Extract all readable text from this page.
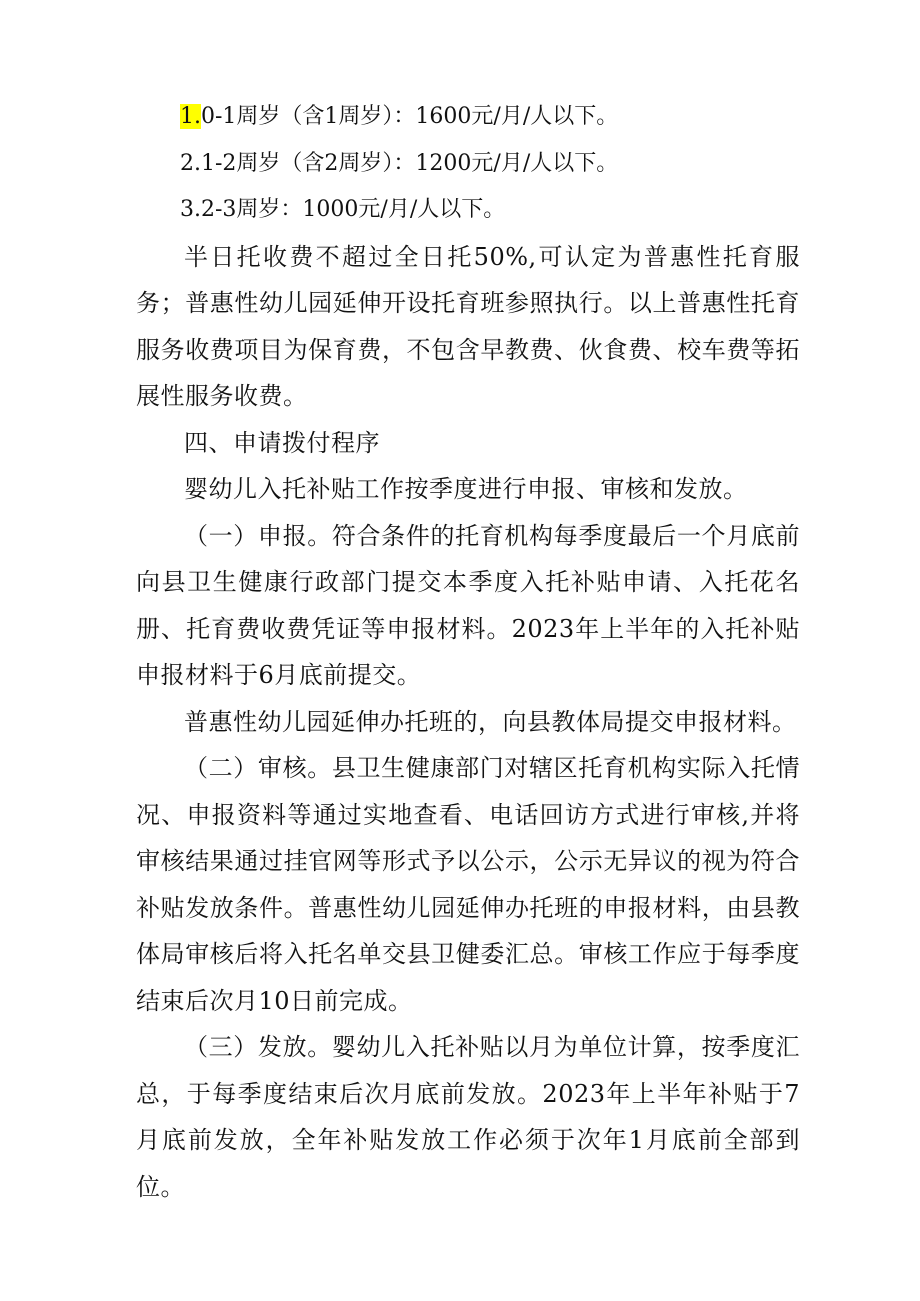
1.0-1周岁（含1周岁）：1600元/月/人以下。

2.1-2周岁（含2周岁）：1200元/月/人以下。

3.2-3周岁：1000元/月/人以下。

半日托收费不超过全日托50%,可认定为普惠性托育服务；普惠性幼儿园延伸开设托育班参照执行。以上普惠性托育服务收费项目为保育费，不包含早教费、伙食费、校车费等拓展性服务收费。

四、申请拨付程序

婴幼儿入托补贴工作按季度进行申报、审核和发放。

（一）申报。符合条件的托育机构每季度最后一个月底前向县卫生健康行政部门提交本季度入托补贴申请、入托花名册、托育费收费凭证等申报材料。2023年上半年的入托补贴申报材料于6月底前提交。

普惠性幼儿园延伸办托班的，向县教体局提交申报材料。

（二）审核。县卫生健康部门对辖区托育机构实际入托情况、申报资料等通过实地查看、电话回访方式进行审核,并将审核结果通过挂官网等形式予以公示，公示无异议的视为符合补贴发放条件。普惠性幼儿园延伸办托班的申报材料，由县教体局审核后将入托名单交县卫健委汇总。审核工作应于每季度结束后次月10日前完成。

（三）发放。婴幼儿入托补贴以月为单位计算，按季度汇总，于每季度结束后次月底前发放。2023年上半年补贴于7月底前发放，全年补贴发放工作必须于次年1月底前全部到位。
